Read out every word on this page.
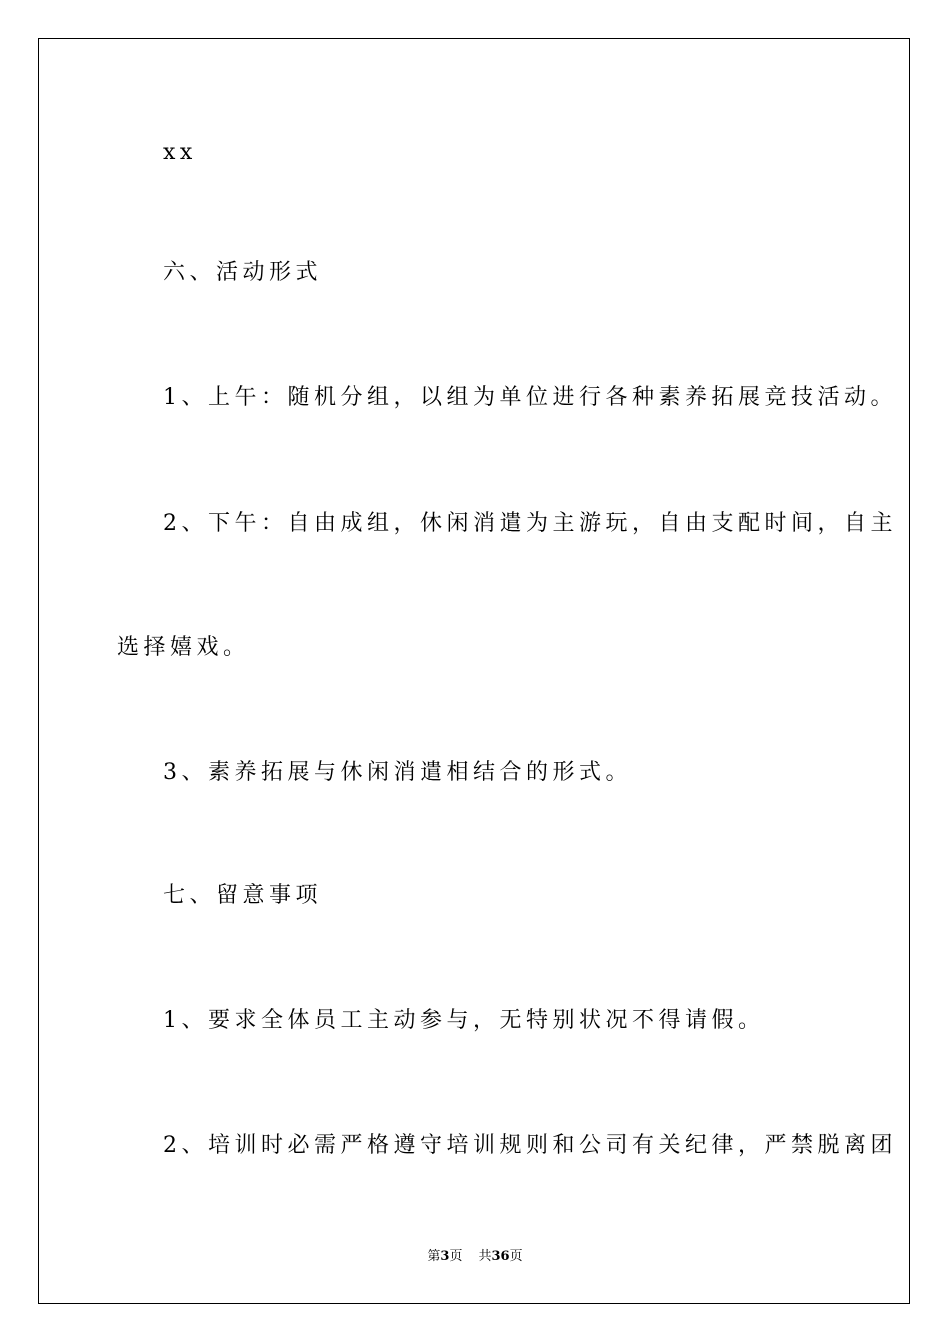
xx
六、活动形式
1、上午：随机分组，以组为单位进行各种素养拓展竞技活动。
2、下午：自由成组，休闲消遣为主游玩，自由支配时间，自主
选择嬉戏。
3、素养拓展与休闲消遣相结合的形式。
七、留意事项
1、要求全体员工主动参与，无特别状况不得请假。
2、培训时必需严格遵守培训规则和公司有关纪律，严禁脱离团
第3页 共36页
